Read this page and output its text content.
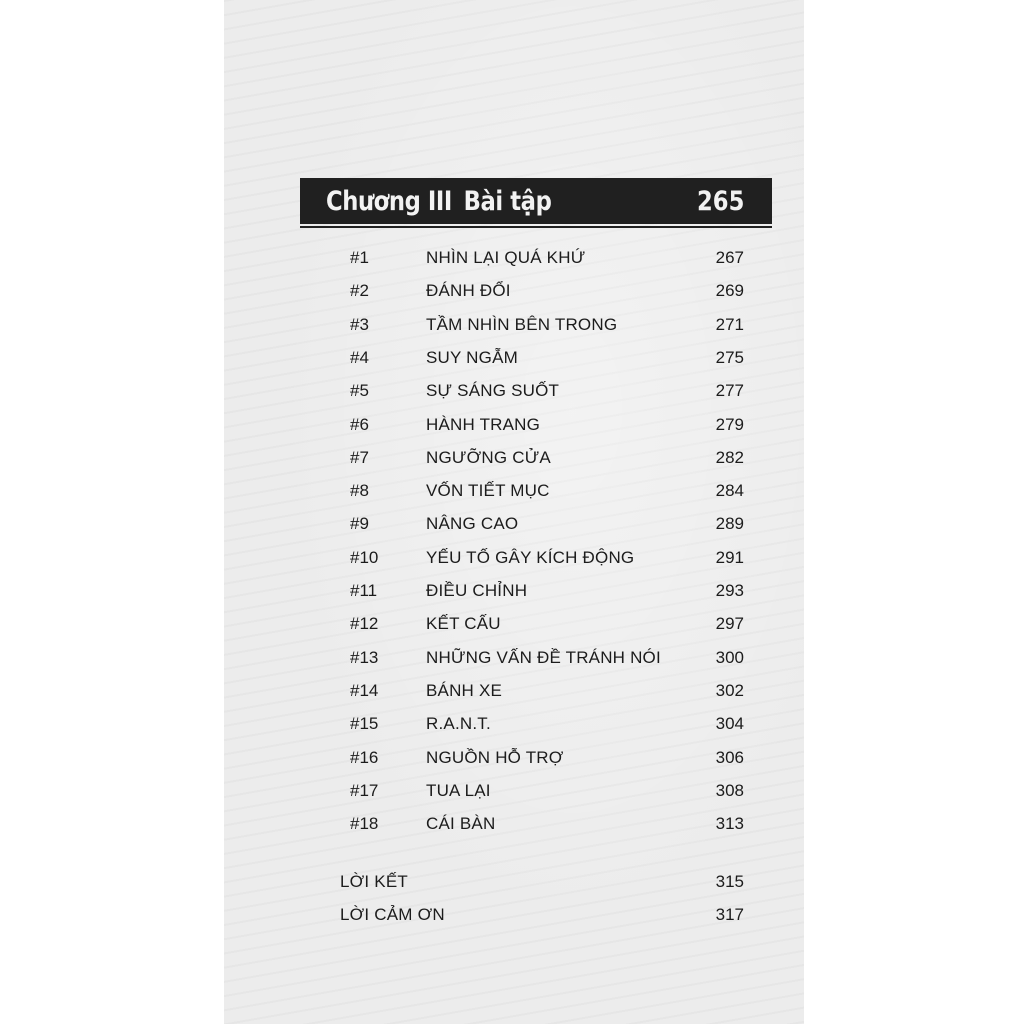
Chương III Bài tập	265
#1	NHÌN LẠI QUÁ KHỨ	267
#2	ĐÁNH ĐỔI	269
#3	TẦM NHÌN BÊN TRONG	271
#4	SUY NGẪM	275
#5	SỰ SÁNG SUỐT	277
#6	HÀNH TRANG	279
#7	NGƯỠNG CỬA	282
#8	VỐN TIẾT MỤC	284
#9	NÂNG CAO	289
#10	YẾU TỐ GÂY KÍCH ĐỘNG	291
#11	ĐIỀU CHỈNH	293
#12	KẾT CẤU	297
#13	NHỮNG VẤN ĐỀ TRÁNH NÓI	300
#14	BÁNH XE	302
#15	R.A.N.T.	304
#16	NGUỒN HỖ TRỢ	306
#17	TUA LẠI	308
#18	CÁI BÀN	313
LỜI KẾT	315
LỜI CẢM ƠN	317
